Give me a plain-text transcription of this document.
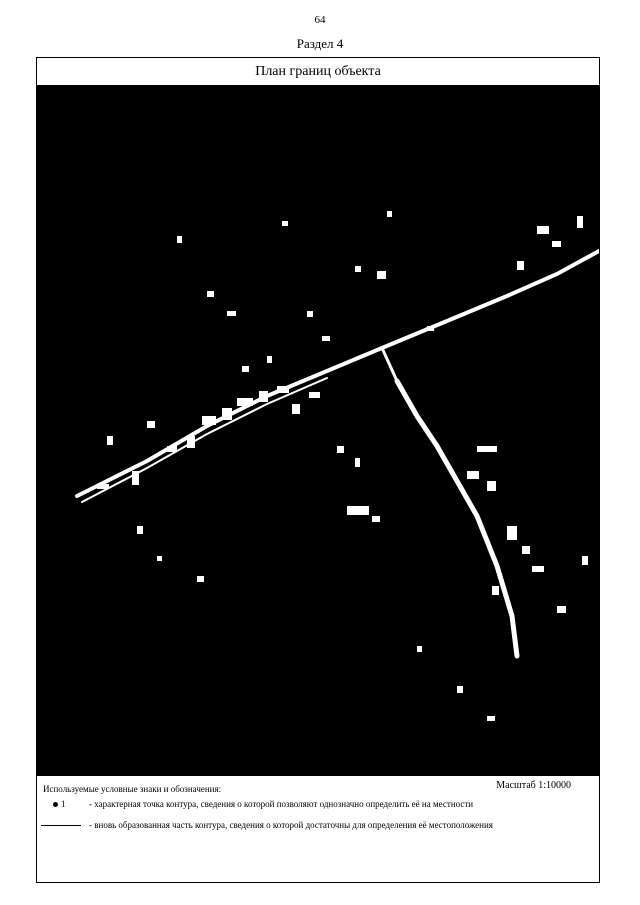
64
Раздел 4
План границ объекта
Используемые условные знаки и обозначения:	Масштаб 1:10000
1	- характерная точка контура, сведения о которой позволяют однозначно определить её на местности
- вновь образованная часть контура, сведения о которой достаточны для определения её местоположения
